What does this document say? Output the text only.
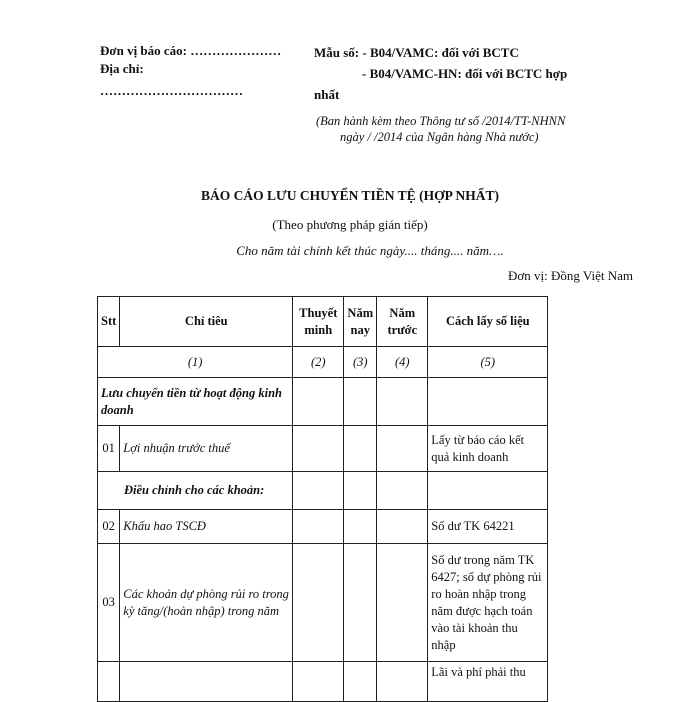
Đơn vị báo cáo: …………………
Địa chỉ:
……………………………
Mẫu số: - B04/VAMC: đối với BCTC
- B04/VAMC-HN: đối với BCTC hợp
nhất
(Ban hành kèm theo Thông tư số /2014/TT-NHNN
ngày / /2014 của Ngân hàng Nhà nước)
BÁO CÁO LƯU CHUYỂN TIỀN TỆ (HỢP NHẤT)
(Theo phương pháp gián tiếp)
Cho năm tài chính kết thúc ngày.... tháng.... năm….
Đơn vị: Đồng Việt Nam
Stt	Chỉ tiêu	Thuyết minh	Năm nay	Năm trước	Cách lấy số liệu
(1)		(2)	(3)	(4)	(5)
Lưu chuyển tiền từ hoạt động kinh doanh					
01	Lợi nhuận trước thuế				Lấy từ báo cáo kết quả kinh doanh
Điều chỉnh cho các khoản:					
02	Khấu hao TSCĐ				Số dư TK 64221
03	Các khoản dự phòng rủi ro trong kỳ tăng/(hoàn nhập) trong năm				Số dư trong năm TK 6427; số dự phòng rủi ro hoàn nhập trong năm được hạch toán vào tài khoản thu nhập
					Lãi và phí phải thu
